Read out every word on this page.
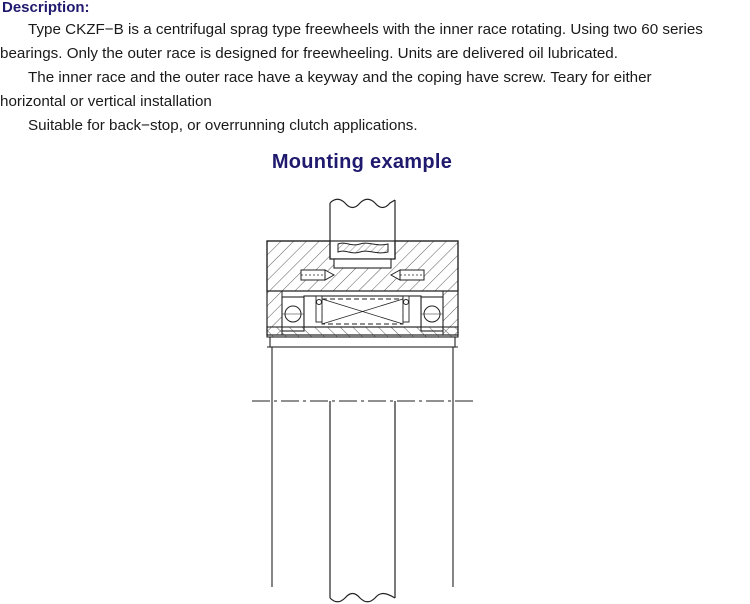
Description:

Type CKZF−B is a centrifugal sprag type freewheels with the inner race rotating. Using two 60 series bearings. Only the outer race is designed for freewheeling. Units are delivered oil lubricated.

The inner race and the outer race have a keyway and the coping have screw. Teary for either horizontal or vertical installation

Suitable for back−stop, or overrunning clutch applications.

Mounting example
